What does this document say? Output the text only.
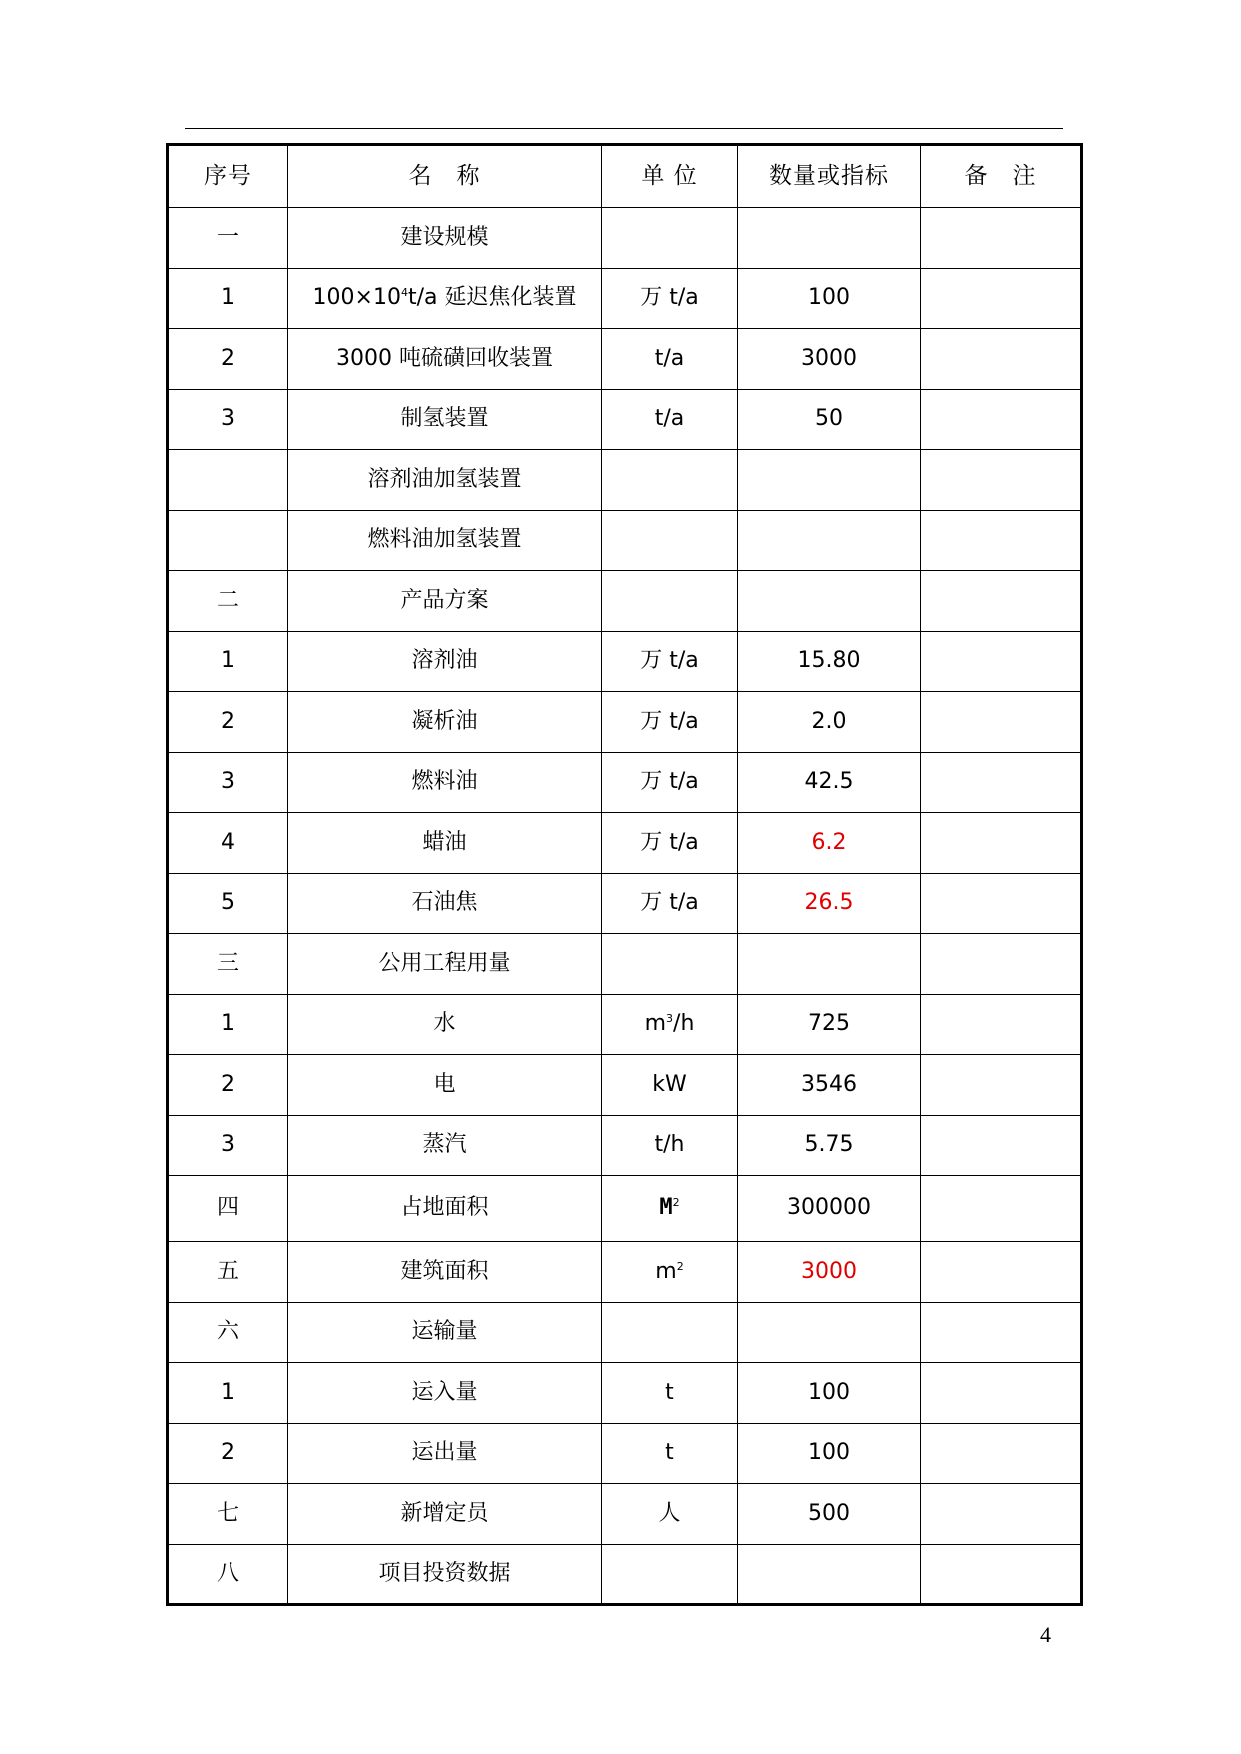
序号	名　称	单 位	数量或指标	备　注
一	建设规模			
1	$100\times 10^4t/a$ 延迟焦化装置	万 t/a	100	
2	3000 吨硫磺回收装置	t/a	3000	
3	制氢装置	t/a	50	
	溶剂油加氢装置			
	燃料油加氢装置			
二	产品方案			
1	溶剂油	万 t/a	15.80	
2	凝析油	万 t/a	2.0	
3	燃料油	万 t/a	42.5	
4	蜡油	万 t/a	6.2	
5	石油焦	万 t/a	26.5	
三	公用工程用量			
1	水	$m^3/h$	725	
2	电	kW	3546	
3	蒸汽	t/h	5.75	
四	占地面积	$M^2$	300000	
五	建筑面积	$m^2$	3000	
六	运输量			
1	运入量	t	100	
2	运出量	t	100	
七	新增定员	人	500	
八	项目投资数据			
4
